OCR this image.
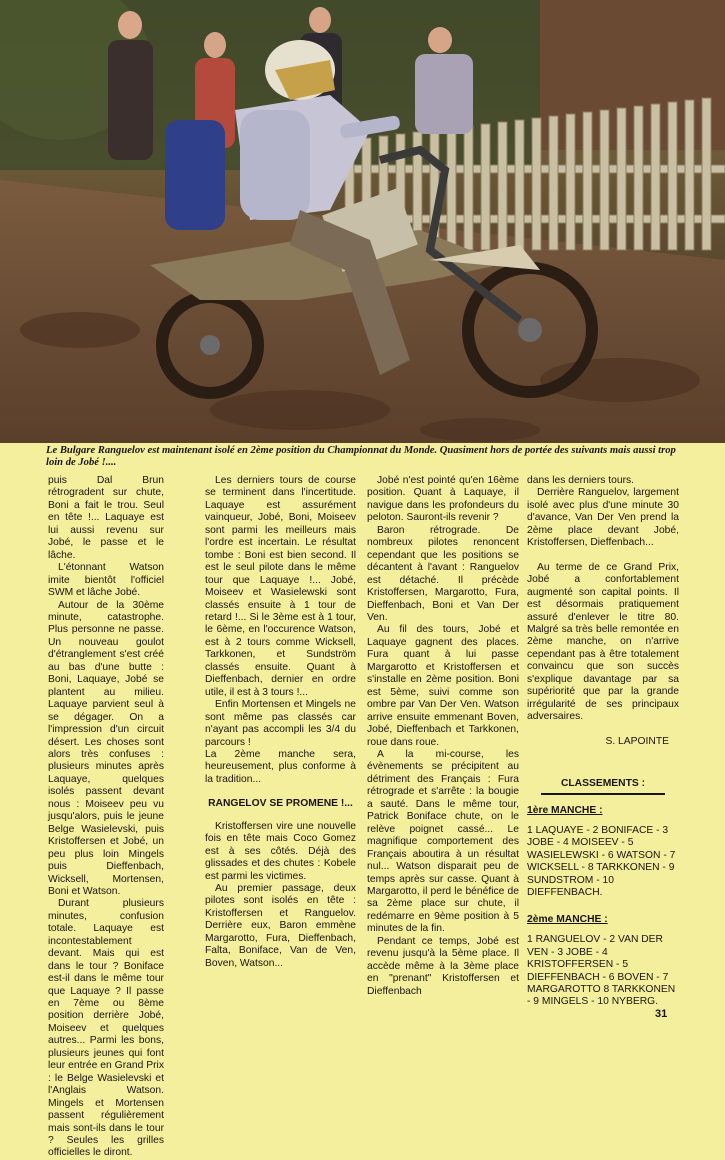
Le Bulgare Ranguelov est maintenant isolé en 2ème position du Championnat du Monde. Quasiment hors de portée des suivants mais aussi trop loin de Jobé !....

puis Dal Brun rétrogradent sur chute, Boni a fait le trou. Seul en tête !... Laquaye est lui aussi revenu sur Jobé, le passe et le lâche.

L'étonnant Watson imite bientôt l'officiel SWM et lâche Jobé.

Autour de la 30ème minute, catastrophe. Plus personne ne passe. Un nouveau goulot d'étranglement s'est créé au bas d'une butte : Boni, Laquaye, Jobé se plantent au milieu. Laquaye parvient seul à se dégager. On a l'impression d'un circuit désert. Les choses sont alors très confuses : plusieurs minutes après Laquaye, quelques isolés passent devant nous : Moiseev peu vu jusqu'alors, puis le jeune Belge Wasielevski, puis Kristoffersen et Jobé, un peu plus loin Mingels puis Dieffenbach, Wicksell, Mortensen, Boni et Watson.

Durant plusieurs minutes, confusion totale. Laquaye est incontestablement devant. Mais qui est dans le tour ? Boniface est-il dans le même tour que Laquaye ? Il passe en 7ème ou 8ème position derrière Jobé, Moiseev et quelques autres... Parmi les bons, plusieurs jeunes qui font leur entrée en Grand Prix : le Belge Wasielevski et l'Anglais Watson. Mingels et Mortensen passent régulièrement mais sont-ils dans le tour ? Seules les grilles officielles le diront.

Les derniers tours de course se terminent dans l'incertitude. Laquaye est assurément vainqueur, Jobé, Boni, Moiseev sont parmi les meilleurs mais l'ordre est incertain. Le résultat tombe : Boni est bien second. Il est le seul pilote dans le même tour que Laquaye !... Jobé, Moiseev et Wasielewski sont classés ensuite à 1 tour de retard !... Si le 3ème est à 1 tour, le 6ème, en l'occurence Watson, est à 2 tours comme Wicksell, Tarkkonen, et Sundström classés ensuite. Quant à Dieffenbach, dernier en ordre utile, il est à 3 tours !...

Enfin Mortensen et Mingels ne sont même pas classés car n'ayant pas accompli les 3/4 du parcours !

La 2ème manche sera, heureusement, plus conforme à la tradition...

RANGELOV SE PROMENE !...

Kristoffersen vire une nouvelle fois en tête mais Coco Gomez est à ses côtés. Déjà des glissades et des chutes : Kobele est parmi les victimes.

Au premier passage, deux pilotes sont isolés en tête : Kristoffersen et Ranguelov. Derrière eux, Baron emmène Margarotto, Fura, Dieffenbach, Falta, Boniface, Van de Ven, Boven, Watson...

Jobé n'est pointé qu'en 16ème position. Quant à Laquaye, il navigue dans les profondeurs du peloton. Sauront-ils revenir ?

Baron rétrograde. De nombreux pilotes renoncent cependant que les positions se décantent à l'avant : Ranguelov est détaché. Il précède Kristoffersen, Margarotto, Fura, Dieffenbach, Boni et Van Der Ven.

Au fil des tours, Jobé et Laquaye gagnent des places. Fura quant à lui passe Margarotto et Kristoffersen et s'installe en 2ème position. Boni est 5ème, suivi comme son ombre par Van Der Ven. Watson arrive ensuite emmenant Boven, Jobé, Dieffenbach et Tarkkonen, roue dans roue.

A la mi-course, les évènements se précipitent au détriment des Français : Fura rétrograde et s'arrête : la bougie a sauté. Dans le même tour, Patrick Boniface chute, on le relève poignet cassé... Le magnifique comportement des Français aboutira à un résultat nul... Watson disparait peu de temps après sur casse. Quant à Margarotto, il perd le bénéfice de sa 2ème place sur chute, il redémarre en 9ème position à 5 minutes de la fin.

Pendant ce temps, Jobé est revenu jusqu'à la 5ème place. Il accède même à la 3ème place en "prenant" Kristoffersen et Dieffenbach

dans les derniers tours.

Derrière Ranguelov, largement isolé avec plus d'une minute 30 d'avance, Van Der Ven prend la 2ème place devant Jobé, Kristoffersen, Dieffenbach...

Au terme de ce Grand Prix, Jobé a confortablement augmenté son capital points. Il est désormais pratiquement assuré d'enlever le titre 80. Malgré sa très belle remontée en 2ème manche, on n'arrive cependant pas à être totalement convaincu que son succès s'explique davantage par sa supériorité que par la grande irrégularité de ses principaux adversaires.

S. LAPOINTE
CLASSEMENTS :
1ère MANCHE :
1 LAQUAYE - 2 BONIFACE - 3 JOBE - 4 MOISEEV - 5 WASIELEWSKI - 6 WATSON - 7 WICKSELL - 8 TARKKONEN - 9 SUNDSTROM - 10 DIEFFENBACH.
2ème MANCHE :
1 RANGUELOV - 2 VAN DER VEN - 3 JOBE - 4 KRISTOFFERSEN - 5 DIEFFENBACH - 6 BOVEN - 7 MARGAROTTO 8 TARKKONEN - 9 MINGELS - 10 NYBERG.
31
